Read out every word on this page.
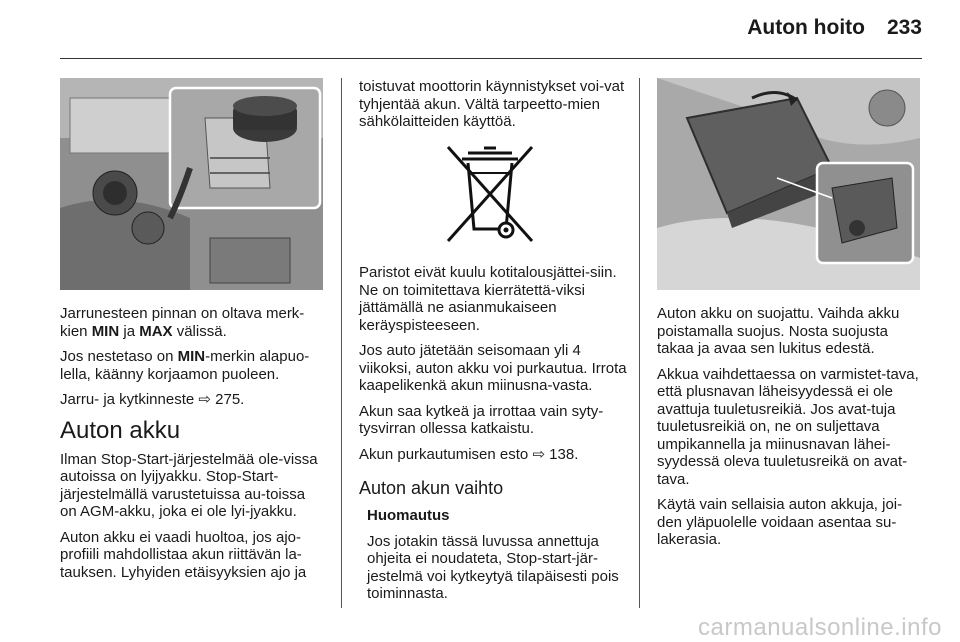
Auton hoito 233

Jarrunesteen pinnan on oltava merk-kien MIN ja MAX välissä.

Jos nestetaso on MIN-merkin alapuo-lella, käänny korjaamon puoleen.

Jarru- ja kytkinneste ⇨ 275.

Auton akku

Ilman Stop-Start-järjestelmää ole-vissa autoissa on lyijyakku. Stop-Start-järjestelmällä varustetuissa au-toissa on AGM-akku, joka ei ole lyi-jyakku.

Auton akku ei vaadi huoltoa, jos ajo-profiili mahdollistaa akun riittävän la-tauksen. Lyhyiden etäisyyksien ajo ja

toistuvat moottorin käynnistykset voi-vat tyhjentää akun. Vältä tarpeetto-mien sähkölaitteiden käyttöä.

Paristot eivät kuulu kotitalousjättei-siin. Ne on toimitettava kierrätettä-viksi jättämällä ne asianmukaiseen keräyspisteeseen.

Jos auto jätetään seisomaan yli 4 viikoksi, auton akku voi purkautua. Irrota kaapelikenkä akun miinusna-vasta.

Akun saa kytkeä ja irrottaa vain syty-tysvirran ollessa katkaistu.

Akun purkautumisen esto ⇨ 138.

Auton akun vaihto

Huomautus

Jos jotakin tässä luvussa annettuja ohjeita ei noudateta, Stop-start-jär-jestelmä voi kytkeytyä tilapäisesti pois toiminnasta.

Auton akku on suojattu. Vaihda akku poistamalla suojus. Nosta suojusta takaa ja avaa sen lukitus edestä.

Akkua vaihdettaessa on varmistet-tava, että plusnavan läheisyydessä ei ole avattuja tuuletusreikiä. Jos avat-tuja tuuletusreikiä on, ne on suljettava umpikannella ja miinusnavan lähei-syydessä oleva tuuletusreikä on avat-tava.

Käytä vain sellaisia auton akkuja, joi-den yläpuolelle voidaan asentaa su-lakerasia.

carmanualsonline.info
